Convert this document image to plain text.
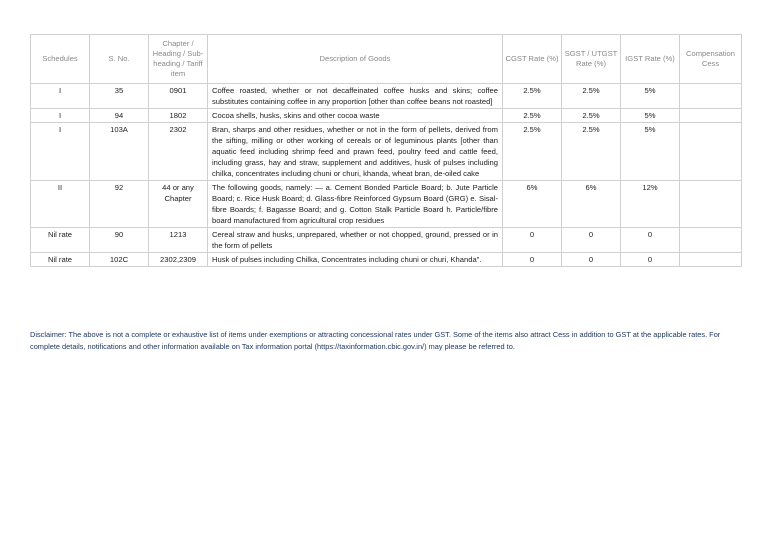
Schedules	S. No.	Chapter / Heading / Sub-heading / Tariff item	Description of Goods	CGST Rate (%)	SGST / UTGST Rate (%)	IGST Rate (%)	Compensation Cess
I	35	0901	Coffee roasted, whether or not decaffeinated coffee husks and skins; coffee substitutes containing coffee in any proportion [other than coffee beans not roasted]	2.5%	2.5%	5%	
I	94	1802	Cocoa shells, husks, skins and other cocoa waste	2.5%	2.5%	5%	
I	103A	2302	Bran, sharps and other residues, whether or not in the form of pellets, derived from the sifting, milling or other working of cereals or of leguminous plants [other than aquatic feed including shrimp feed and prawn feed, poultry feed and cattle feed, including grass, hay and straw, supplement and additives, husk of pulses including chilka, concentrates including chuni or churi, khanda, wheat bran, de-oiled cake	2.5%	2.5%	5%	
II	92	44 or any Chapter	The following goods, namely: — a. Cement Bonded Particle Board; b. Jute Particle Board; c. Rice Husk Board; d. Glass-fibre Reinforced Gypsum Board (GRG) e. Sisal-fibre Boards; f. Bagasse Board; and g. Cotton Stalk Particle Board h. Particle/fibre board manufactured from agricultural crop residues	6%	6%	12%	
Nil rate	90	1213	Cereal straw and husks, unprepared, whether or not chopped, ground, pressed or in the form of pellets	0	0	0	
Nil rate	102C	2302,2309	Husk of pulses including Chilka, Concentrates including chuni or churi, Khanda".	0	0	0	

Disclaimer: The above is not a complete or exhaustive list of items under exemptions or attracting concessional rates under GST. Some of the items also attract Cess in addition to GST at the applicable rates. For complete details, notifications and other information available on Tax information portal (https://taxinformation.cbic.gov.in/) may please be referred to.
